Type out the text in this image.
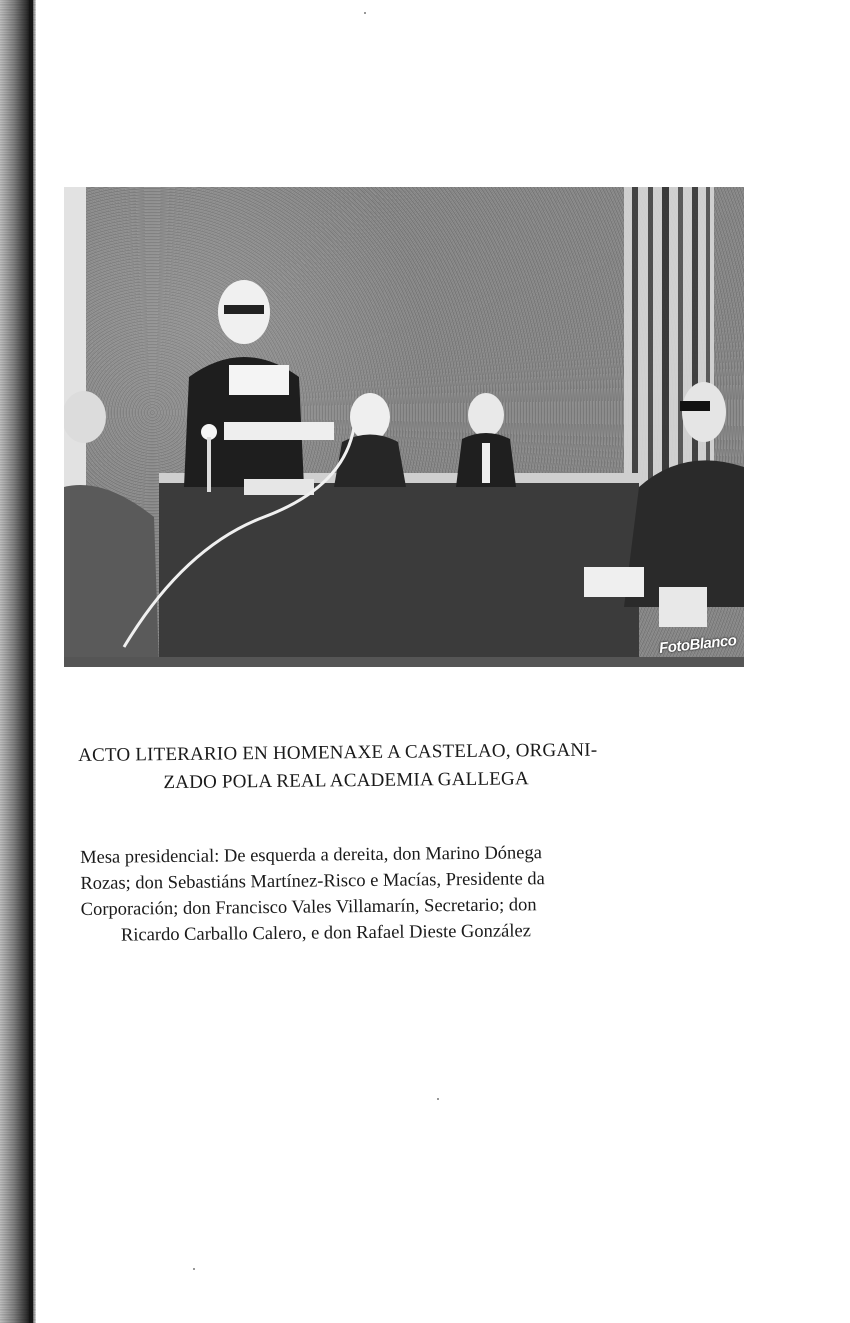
FotoBlanco
ACTO LITERARIO EN HOMENAXE A CASTELAO, ORGANI-
ZADO POLA REAL ACADEMIA GALLEGA
Mesa presidencial: De esquerda a dereita, don Marino Dónega
Rozas; don Sebastiáns Martínez-Risco e Macías, Presidente da
Corporación; don Francisco Vales Villamarín, Secretario; don
Ricardo Carballo Calero, e don Rafael Dieste González
